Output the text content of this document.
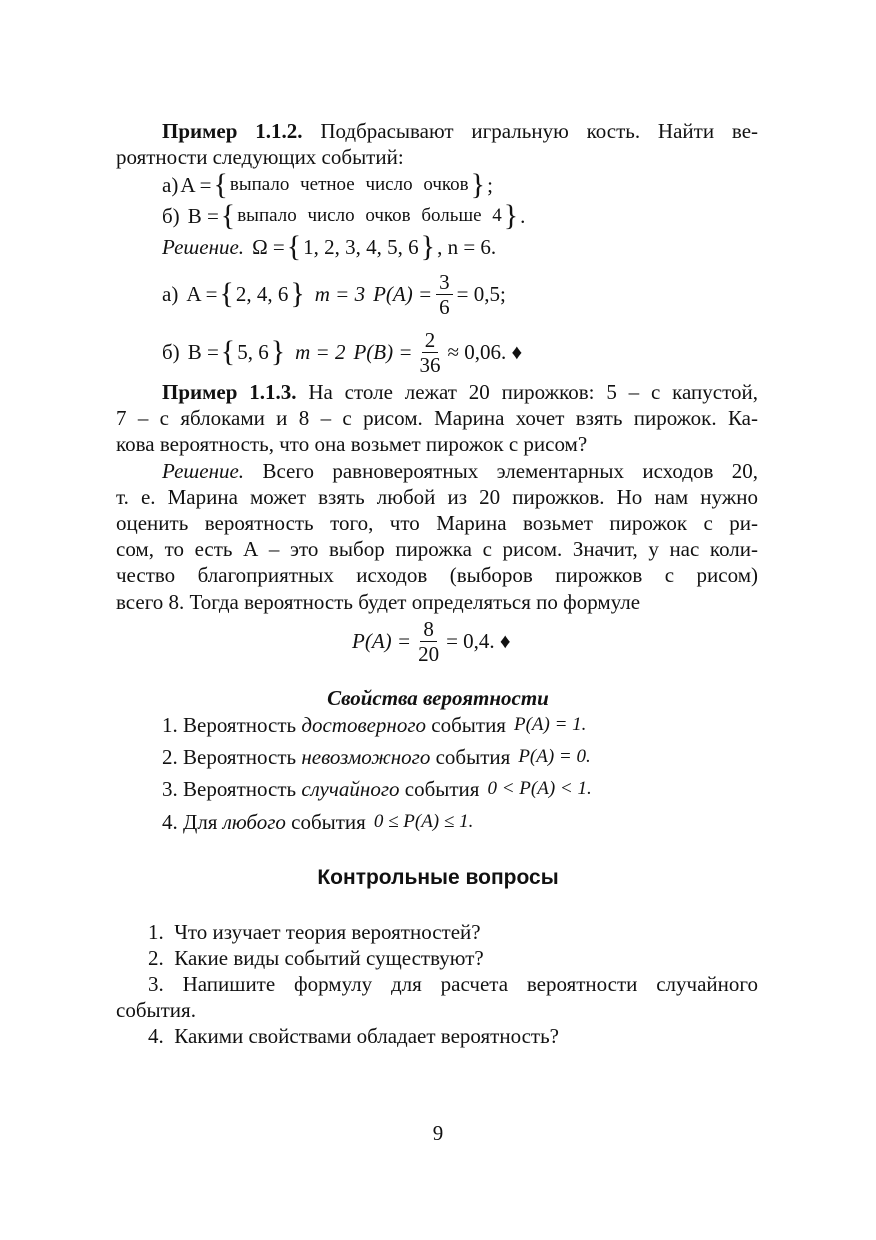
Пример 1.1.2. Подбрасывают игральную кость. Найти ве-
роятности следующих событий:
а) A = { выпало четное число очков } ;
б) B = { выпало число очков больше 4 } .
Решение. Ω = { 1, 2, 3, 4, 5, 6 } , n = 6.
а) A = { 2, 4, 6 } m = 3 $P(A) = \frac{3}{6} = 0,5$;
б) B = { 5, 6 } m = 2 $P(B) = \frac{2}{36} \approx 0,06$. ♦
Пример 1.1.3. На столе лежат 20 пирожков: 5 – с капустой,
7 – с яблоками и 8 – с рисом. Марина хочет взять пирожок. Ка-
кова вероятность, что она возьмет пирожок с рисом?
Решение. Всего равновероятных элементарных исходов 20,
т. е. Марина может взять любой из 20 пирожков. Но нам нужно
оценить вероятность того, что Марина возьмет пирожок с ри-
сом, то есть А – это выбор пирожка с рисом. Значит, у нас коли-
чество благоприятных исходов (выборов пирожков с рисом)
всего 8. Тогда вероятность будет определяться по формуле
$P(A) = \frac{8}{20} = 0,4$. ♦
Свойства вероятности
1. Вероятность достоверного события P(A) = 1.
2. Вероятность невозможного события P(A) = 0.
3. Вероятность случайного события 0 < P(A) < 1.
4. Для любого события 0 ≤ P(A) ≤ 1.
Контрольные вопросы
1.  Что изучает теория вероятностей?
2.  Какие виды событий существуют?
3. Напишите формулу для расчета вероятности случайного
события.
4.  Какими свойствами обладает вероятность?
9
